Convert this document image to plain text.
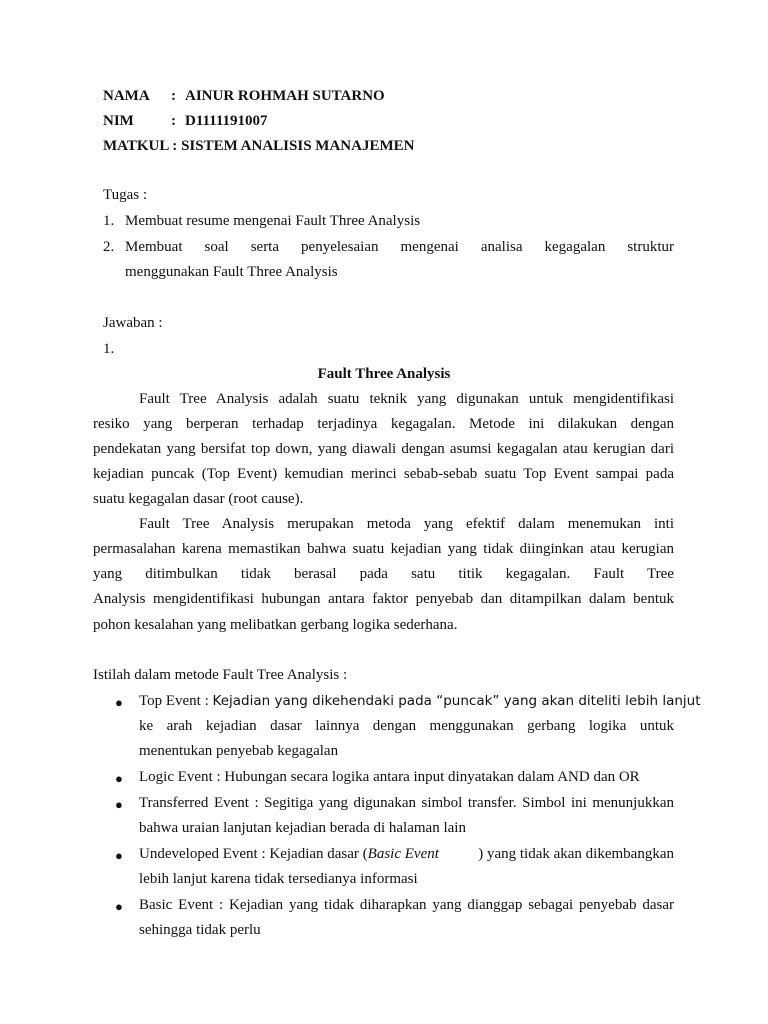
NAMA : AINUR ROHMAH SUTARNO
NIM : D1111191007
MATKUL : SISTEM ANALISIS MANAJEMEN
Tugas :
1. Membuat resume mengenai Fault Three Analysis
2. Membuat soal serta penyelesaian mengenai analisa kegagalan struktur
menggunakan Fault Three Analysis
Jawaban :
1.
Fault Three Analysis
Fault Tree Analysis adalah suatu teknik yang digunakan untuk mengidentifikasi
resiko yang berperan terhadap terjadinya kegagalan. Metode ini dilakukan dengan
pendekatan yang bersifat top down, yang diawali dengan asumsi kegagalan atau kerugian dari
kejadian puncak (Top Event) kemudian merinci sebab-sebab suatu Top Event sampai pada
suatu kegagalan dasar (root cause).
Fault Tree Analysis merupakan metoda yang efektif dalam menemukan inti
permasalahan karena memastikan bahwa suatu kejadian yang tidak diinginkan atau kerugian
yang ditimbulkan tidak berasal pada satu titik kegagalan. Fault Tree
Analysis mengidentifikasi hubungan antara faktor penyebab dan ditampilkan dalam bentuk
pohon kesalahan yang melibatkan gerbang logika sederhana.
Istilah dalam metode Fault Tree Analysis :
● Top Event : Kejadian yang dikehendaki pada “puncak” yang akan diteliti lebih lanjut
ke arah kejadian dasar lainnya dengan menggunakan gerbang logika untuk
menentukan penyebab kegagalan
● Logic Event : Hubungan secara logika antara input dinyatakan dalam AND dan OR
● Transferred Event : Segitiga yang digunakan simbol transfer. Simbol ini menunjukkan
bahwa uraian lanjutan kejadian berada di halaman lain
● Undeveloped Event : Kejadian dasar ( Basic Event	) yang tidak akan dikembangkan
lebih lanjut karena tidak tersedianya informasi
● Basic Event : Kejadian yang tidak diharapkan yang dianggap sebagai penyebab dasar
sehingga tidak perlu
